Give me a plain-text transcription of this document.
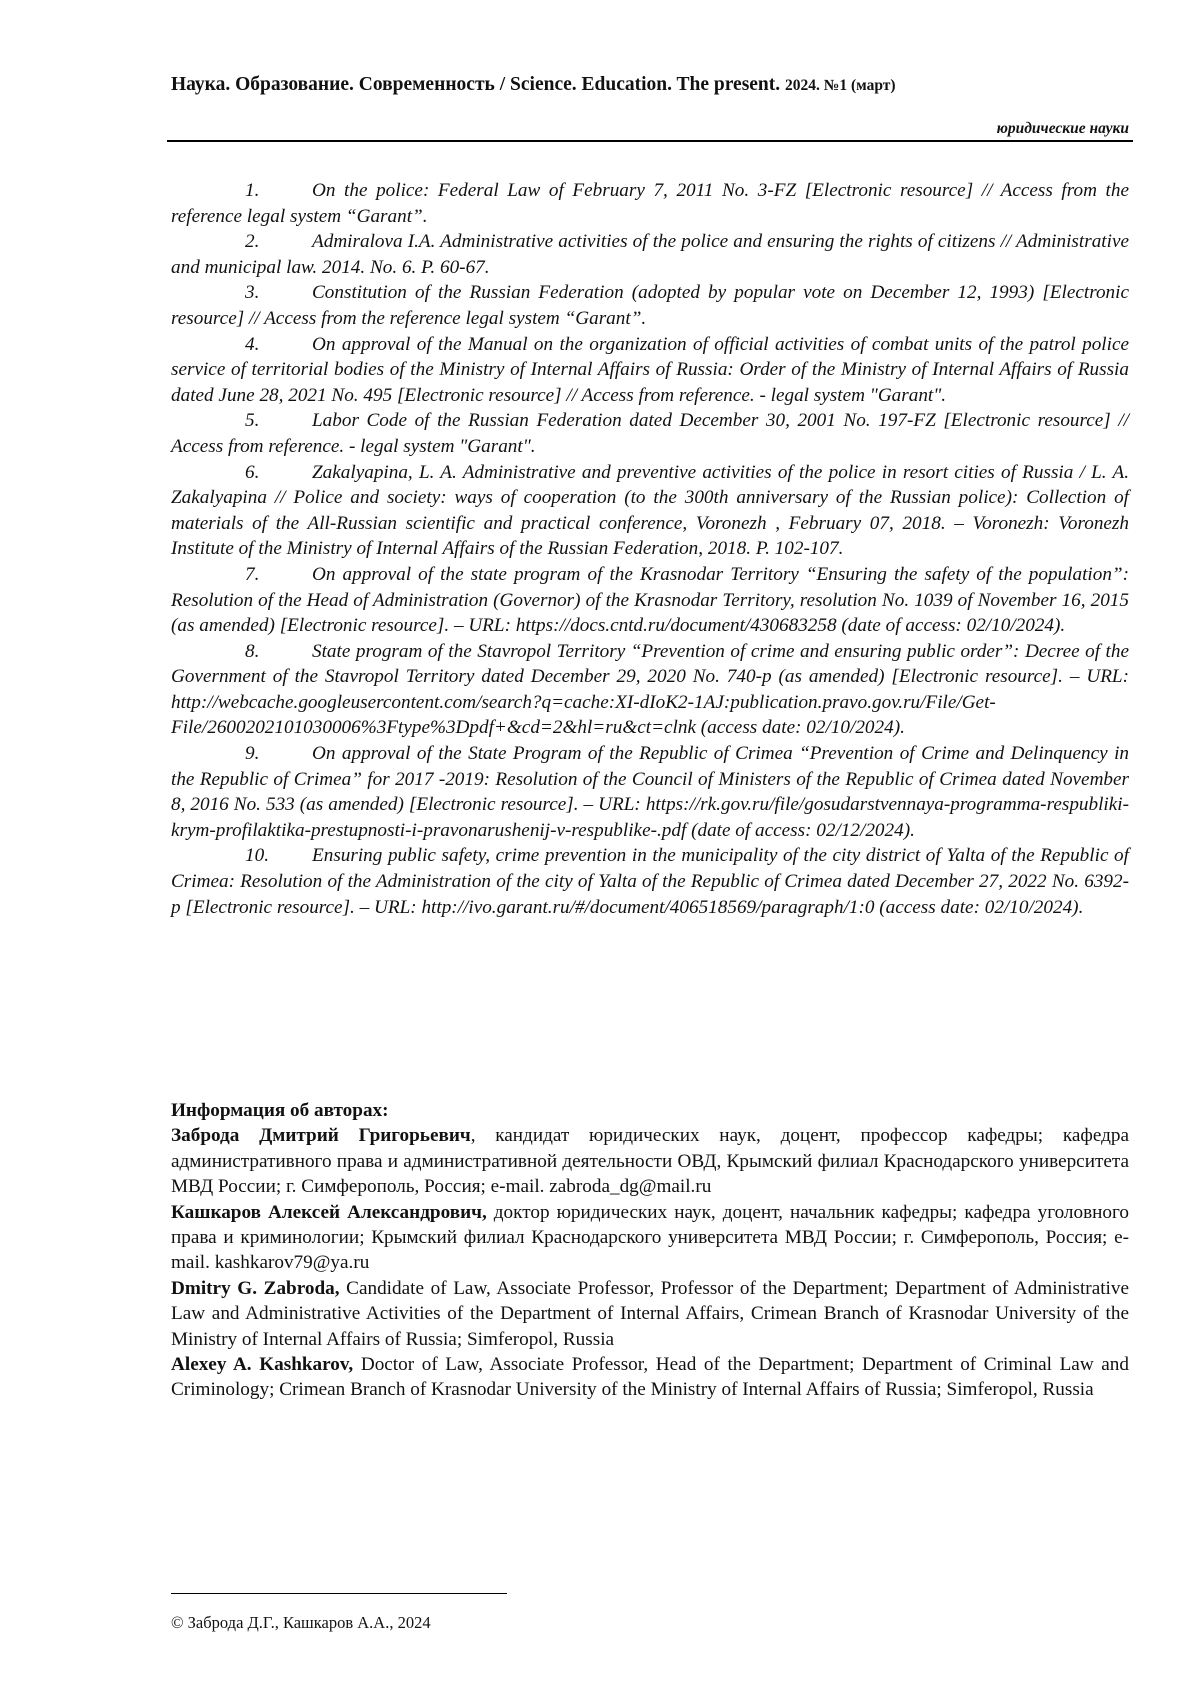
Наука. Образование. Современность / Science. Education. The present. 2024. №1 (март)
юридические науки
1.	On the police: Federal Law of February 7, 2011 No. 3-FZ [Electronic resource] // Access from the reference legal system “Garant”.
2.	Admiralova I.A. Administrative activities of the police and ensuring the rights of citizens // Administrative and municipal law. 2014. No. 6. P. 60-67.
3.	Constitution of the Russian Federation (adopted by popular vote on December 12, 1993) [Electronic resource] // Access from the reference legal system “Garant”.
4.	On approval of the Manual on the organization of official activities of combat units of the patrol police service of territorial bodies of the Ministry of Internal Affairs of Russia: Order of the Ministry of Internal Affairs of Russia dated June 28, 2021 No. 495 [Electronic resource] // Access from reference. - legal system "Garant".
5.	Labor Code of the Russian Federation dated December 30, 2001 No. 197-FZ [Electronic resource] // Access from reference. - legal system "Garant".
6.	Zakalyapina, L. A. Administrative and preventive activities of the police in resort cities of Russia / L. A. Zakalyapina // Police and society: ways of cooperation (to the 300th anniversary of the Russian police): Collection of materials of the All-Russian scientific and practical conference, Voronezh , February 07, 2018. – Voronezh: Voronezh Institute of the Ministry of Internal Affairs of the Russian Federation, 2018. P. 102-107.
7.	On approval of the state program of the Krasnodar Territory “Ensuring the safety of the population”: Resolution of the Head of Administration (Governor) of the Krasnodar Territory, resolution No. 1039 of November 16, 2015 (as amended) [Electronic resource]. – URL: https://docs.cntd.ru/document/430683258 (date of access: 02/10/2024).
8.	State program of the Stavropol Territory “Prevention of crime and ensuring public order”: Decree of the Government of the Stavropol Territory dated December 29, 2020 No. 740-p (as amended) [Electronic resource]. – URL: http://webcache.googleusercontent.com/search?q=cache:XI-dIoK2-1AJ:publication.pravo.gov.ru/File/Get-File/2600202101030006%3Ftype%3Dpdf+&cd=2&hl=ru&ct=clnk (access date: 02/10/2024).
9.	On approval of the State Program of the Republic of Crimea “Prevention of Crime and Delinquency in the Republic of Crimea” for 2017 -2019: Resolution of the Council of Ministers of the Republic of Crimea dated November 8, 2016 No. 533 (as amended) [Electronic resource]. – URL: https://rk.gov.ru/file/gosudarstvennaya-programma-respubliki-krym-profilaktika-prestupnosti-i-pravonarushenij-v-respublike-.pdf (date of access: 02/12/2024).
10. Ensuring public safety, crime prevention in the municipality of the city district of Yalta of the Republic of Crimea: Resolution of the Administration of the city of Yalta of the Republic of Crimea dated December 27, 2022 No. 6392-p [Electronic resource]. – URL: http://ivo.garant.ru/#/document/406518569/paragraph/1:0 (access date: 02/10/2024).

Информация об авторах:

Заброда Дмитрий Григорьевич, кандидат юридических наук, доцент, профессор кафедры; кафедра административного права и административной деятельности ОВД, Крымский филиал Краснодарского университета МВД России; г. Симферополь, Россия; e-mail. zabroda_dg@mail.ru

Кашкаров Алексей Александрович, доктор юридических наук, доцент, начальник кафедры; кафедра уголовного права и криминологии; Крымский филиал Краснодарского университета МВД России; г. Симферополь, Россия; e-mail. kashkarov79@ya.ru

Dmitry G. Zabroda, Candidate of Law, Associate Professor, Professor of the Department; Department of Administrative Law and Administrative Activities of the Department of Internal Affairs, Crimean Branch of Krasnodar University of the Ministry of Internal Affairs of Russia; Simferopol, Russia

Alexey A. Kashkarov, Doctor of Law, Associate Professor, Head of the Department; Department of Criminal Law and Criminology; Crimean Branch of Krasnodar University of the Ministry of Internal Affairs of Russia; Simferopol, Russia

© Заброда Д.Г., Кашкаров А.А., 2024
